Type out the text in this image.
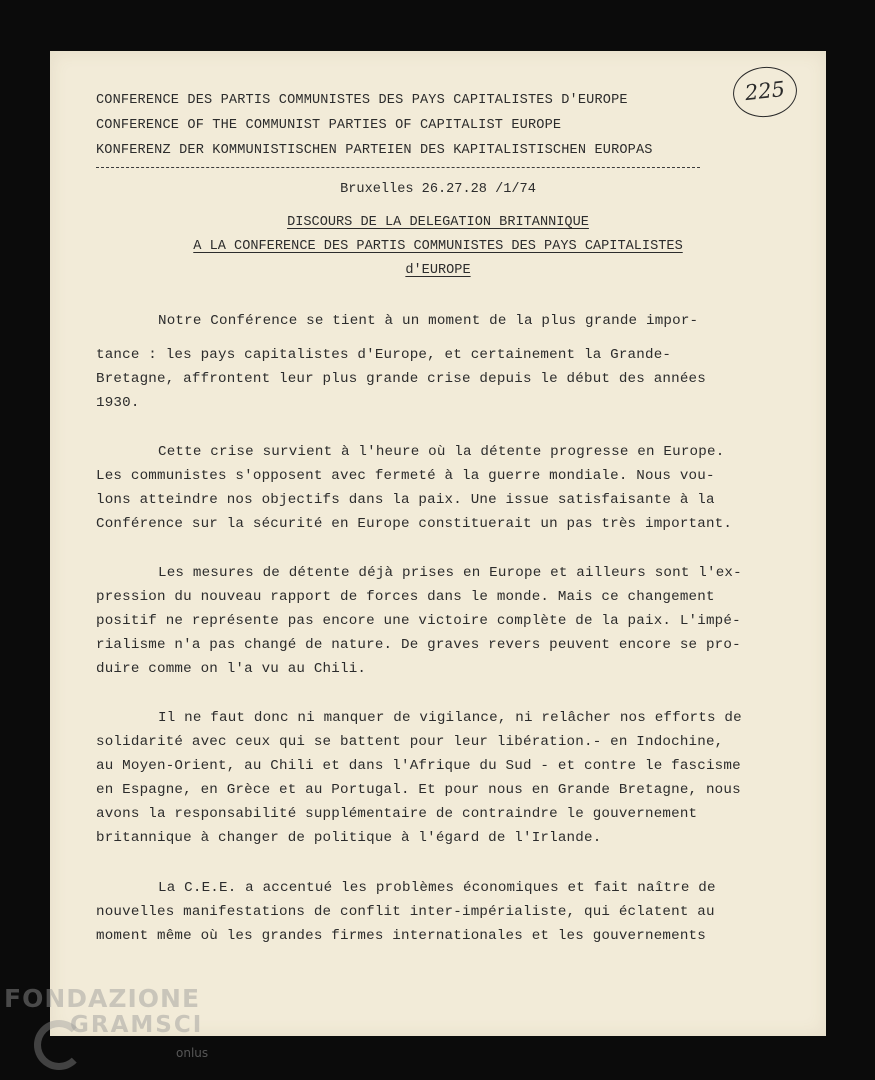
225
CONFERENCE DES PARTIS COMMUNISTES DES PAYS CAPITALISTES D'EUROPE
CONFERENCE OF THE COMMUNIST PARTIES OF CAPITALIST EUROPE
KONFERENZ DER KOMMUNISTISCHEN PARTEIEN DES KAPITALISTISCHEN EUROPAS
Bruxelles 26.27.28 /1/74
DISCOURS DE LA DELEGATION BRITANNIQUE
A LA CONFERENCE DES PARTIS COMMUNISTES DES PAYS CAPITALISTES
d'EUROPE
Notre Conférence se tient à un moment de la plus grande impor-
tance : les pays capitalistes d'Europe, et certainement la Grande-
Bretagne, affrontent leur plus grande crise depuis le début des années
1930.
Cette crise survient à l'heure où la détente progresse en Europe.
Les communistes s'opposent avec fermeté à la guerre mondiale. Nous vou-
lons atteindre nos objectifs dans la paix. Une issue satisfaisante à la
Conférence sur la sécurité en Europe constituerait un pas très important.
Les mesures de détente déjà prises en Europe et ailleurs sont l'ex-
pression du nouveau rapport de forces dans le monde. Mais ce changement
positif ne représente pas encore une victoire complète de la paix. L'impé-
rialisme n'a pas changé de nature. De graves revers peuvent encore se pro-
duire comme on l'a vu au Chili.
Il ne faut donc ni manquer de vigilance, ni relâcher nos efforts de
solidarité avec ceux qui se battent pour leur libération.- en Indochine,
au Moyen-Orient, au Chili et dans l'Afrique du Sud - et contre le fascisme
en Espagne, en Grèce et au Portugal. Et pour nous en Grande Bretagne, nous
avons la responsabilité supplémentaire de contraindre le gouvernement
britannique à changer de politique à l'égard de l'Irlande.
La C.E.E. a accentué les problèmes économiques et fait naître de
nouvelles manifestations de conflit inter-impérialiste, qui éclatent au
moment même où les grandes firmes internationales et les gouvernements
FONDAZIONE
GRAMSCI
onlus
